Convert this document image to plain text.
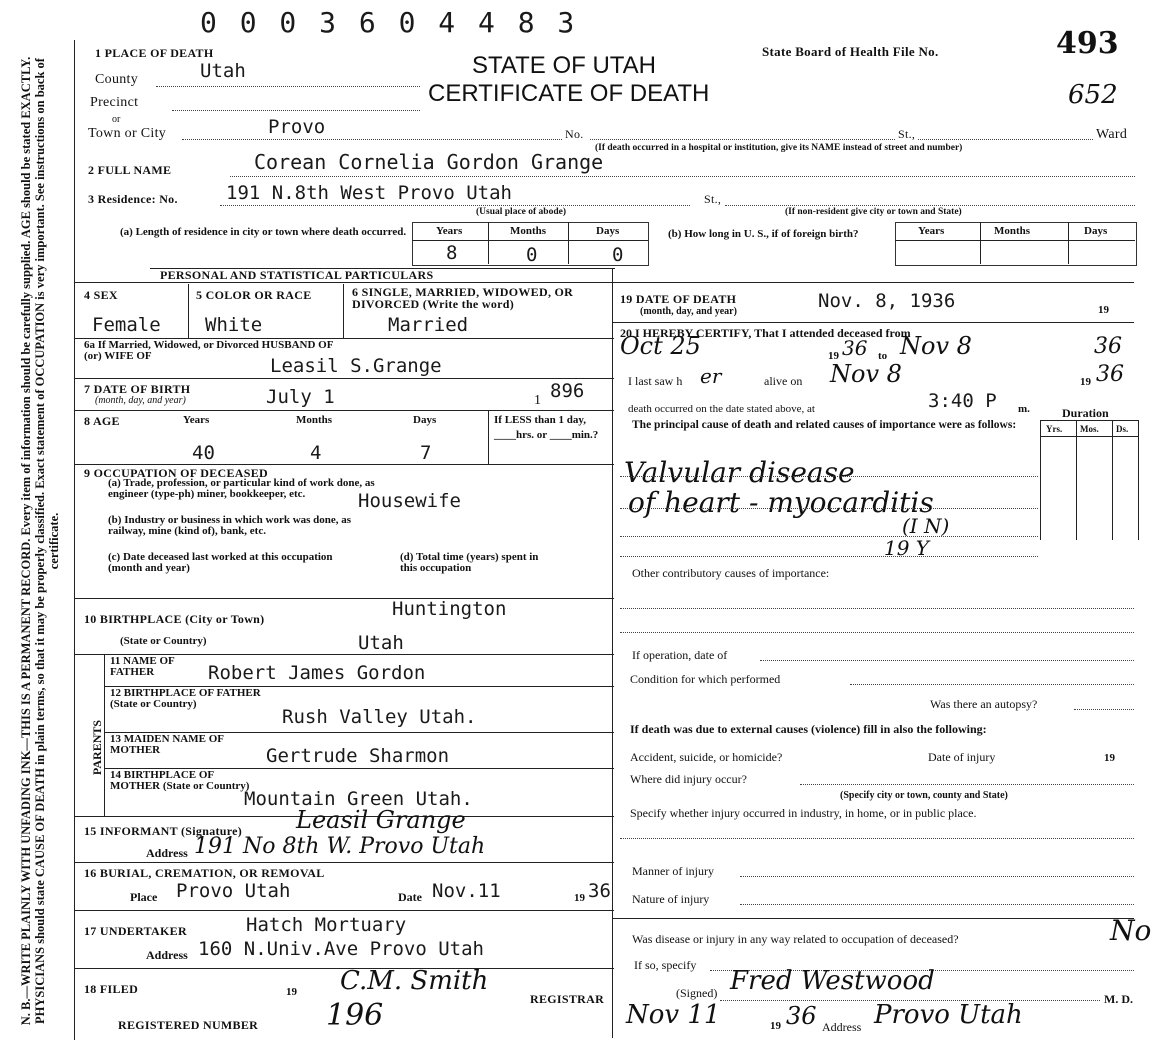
N. B.—WRITE PLAINLY WITH UNFADING INK—THIS IS A PERMANENT RECORD. Every item of information should be carefully supplied. AGE should be stated EXACTLY. PHYSICIANS should state CAUSE OF DEATH in plain terms, so that it may be properly classified. Exact statement of OCCUPATION is very important. See instructions on back of certificate.
0 0 0 3 6 0 4 4 8 3
STATE OF UTAH
CERTIFICATE OF DEATH
State Board of Health File No.	493
652
1 PLACE OF DEATH
County	Utah
Precinct
or
Town or City	Provo	No.	St.,	Ward
(If death occurred in a hospital or institution, give its NAME instead of street and number)
2 FULL NAME	Corean Cornelia Gordon Grange
3 Residence: No.	191 N.8th West Provo Utah	St.,
(Usual place of abode)	(If non-resident give city or town and State)
(a) Length of residence in city or town where death occurred.	Years	Months	Days
8	0	0
(b) How long in U. S., if of foreign birth?	Years	Months	Days
PERSONAL AND STATISTICAL PARTICULARS
4 SEX
Female
5 COLOR OR RACE
White
6 SINGLE, MARRIED, WIDOWED, OR DIVORCED (Write the word)
Married
6a If Married, Widowed, or Divorced HUSBAND OF (or) WIFE OF	Leasil S.Grange
7 DATE OF BIRTH
(month, day, and year)	July 1	1 896
8 AGE	Years	Months	Days
40	4	7
If LESS than 1 day, ____hrs. or ____min.?
9 OCCUPATION OF DECEASED
(a) Trade, profession, or particular kind of work done, as engineer (type-ph) miner, bookkeeper, etc.	Housewife
(b) Industry or business in which work was done, as railway, mine (kind of), bank, etc.
(c) Date deceased last worked at this occupation (month and year)
(d) Total time (years) spent in this occupation
10 BIRTHPLACE (City or Town)	Huntington
(State or Country)	Utah
PARENTS
11 NAME OF FATHER	Robert James Gordon
12 BIRTHPLACE OF FATHER (State or Country)
Rush Valley Utah.
13 MAIDEN NAME OF MOTHER	Gertrude Sharmon
14 BIRTHPLACE OF MOTHER (State or Country)
Mountain Green Utah.
15 INFORMANT (Signature) Leasil Grange
Address 191 No 8th W. Provo Utah
16 BURIAL, CREMATION, OR REMOVAL
Place Provo Utah	Date Nov.11	19 36
17 UNDERTAKER	Hatch Mortuary
Address 160 N.Univ.Ave Provo Utah
18 FILED	19 C.M. Smith
REGISTRAR
REGISTERED NUMBER 196
19 DATE OF DEATH
(month, day, and year)	Nov. 8, 1936	19
20 I HEREBY CERTIFY, That I attended deceased from
Oct 25	19 36 to Nov 8	36
I last saw h er	alive on Nov 8	19 36
death occurred on the date stated above, at	3:40 P m.	Duration
The principal cause of death and related causes of importance were as follows:	Yrs. Mos. Ds.
Valvular disease
of heart - myocarditis
(I N)
19 Y
Other contributory causes of importance:
If operation, date of
Condition for which performed
Was there an autopsy?
If death was due to external causes (violence) fill in also the following:
Accident, suicide, or homicide?	Date of injury	19
Where did injury occur?
(Specify city or town, county and State)
Specify whether injury occurred in industry, in home, or in public place.
Manner of injury
Nature of injury
Was disease or injury in any way related to occupation of deceased?	No
If so, specify
(Signed) Fred Westwood
M. D.
Nov 11	19 36 Address Provo Utah
